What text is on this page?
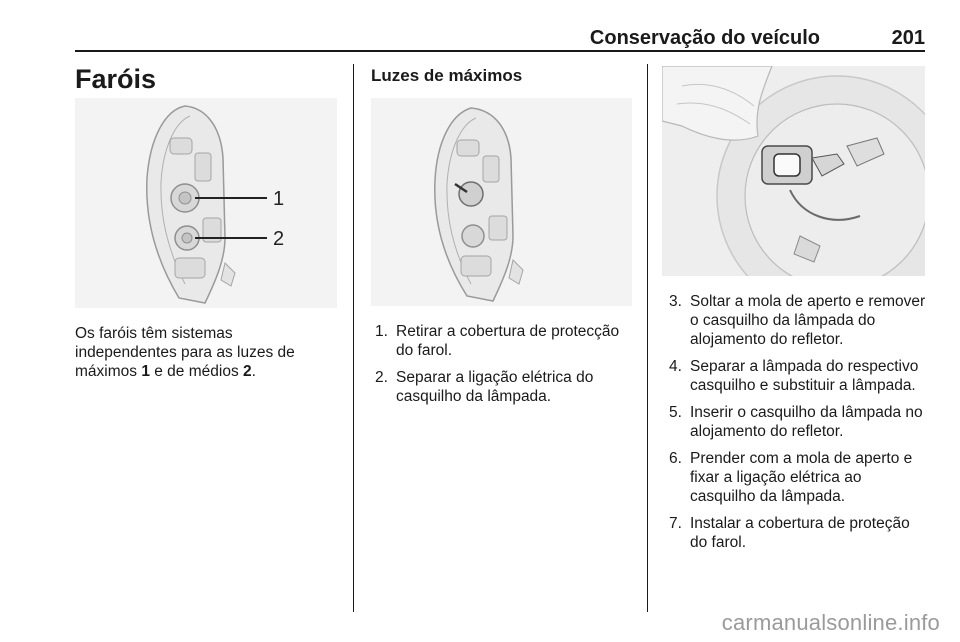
Conservação do veículo	201
Faróis
1
2

Os faróis têm sistemas
independentes para as luzes de
máximos 1 e de médios 2.

Luzes de máximos
1. Retirar a cobertura de protecção
do farol.
2. Separar a ligação elétrica do
casquilho da lâmpada.
3. Soltar a mola de aperto e remover
o casquilho da lâmpada do
alojamento do refletor.
4. Separar a lâmpada do respectivo
casquilho e substituir a lâmpada.
5. Inserir o casquilho da lâmpada no
alojamento do refletor.
6. Prender com a mola de aperto e
fixar a ligação elétrica ao
casquilho da lâmpada.
7. Instalar a cobertura de proteção
do farol.
carmanualsonline.info
